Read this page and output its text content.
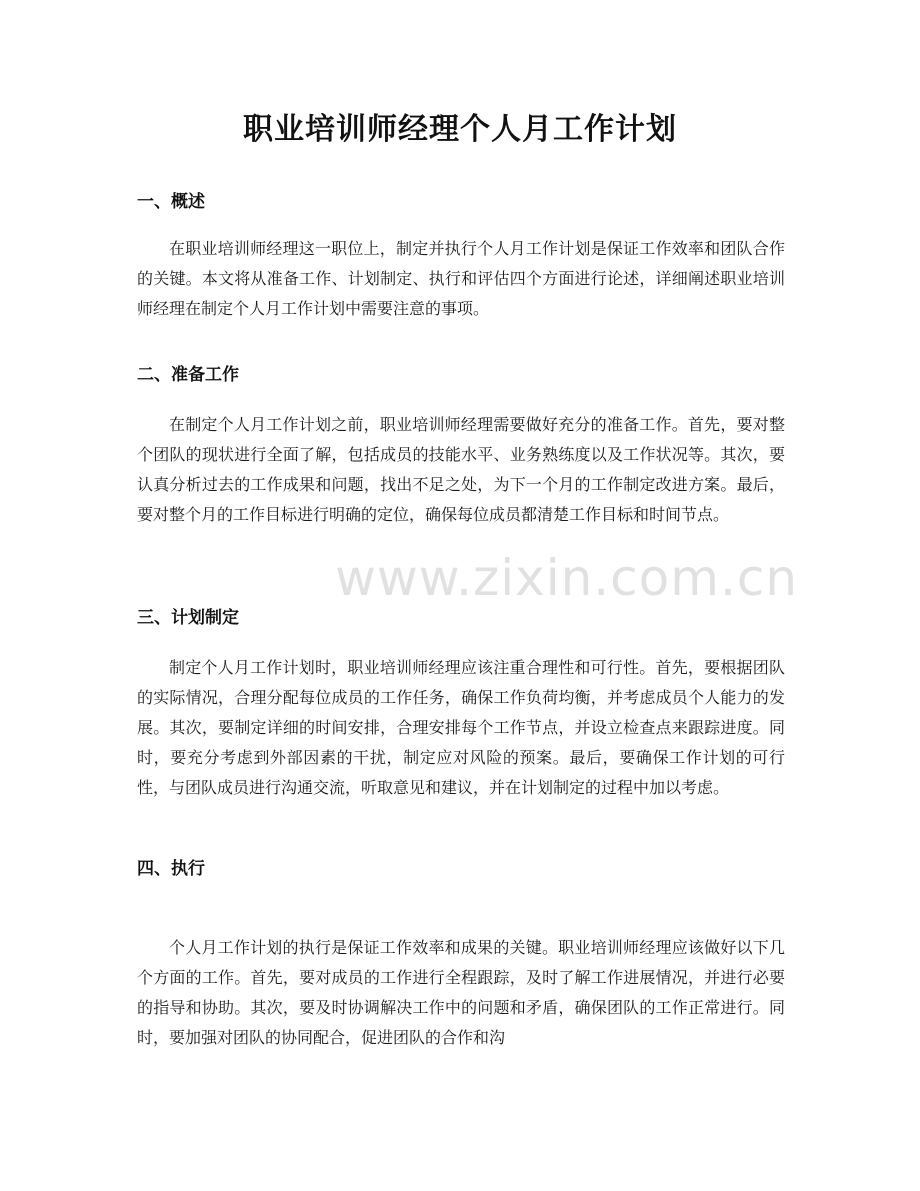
职业培训师经理个人月工作计划
一、概述
在职业培训师经理这一职位上，制定并执行个人月工作计划是保证工作效率和团队合作的关键。本文将从准备工作、计划制定、执行和评估四个方面进行论述，详细阐述职业培训师经理在制定个人月工作计划中需要注意的事项。
二、准备工作
在制定个人月工作计划之前，职业培训师经理需要做好充分的准备工作。首先，要对整个团队的现状进行全面了解，包括成员的技能水平、业务熟练度以及工作状况等。其次，要认真分析过去的工作成果和问题，找出不足之处，为下一个月的工作制定改进方案。最后，要对整个月的工作目标进行明确的定位，确保每位成员都清楚工作目标和时间节点。
三、计划制定
制定个人月工作计划时，职业培训师经理应该注重合理性和可行性。首先，要根据团队的实际情况，合理分配每位成员的工作任务，确保工作负荷均衡，并考虑成员个人能力的发展。其次，要制定详细的时间安排，合理安排每个工作节点，并设立检查点来跟踪进度。同时，要充分考虑到外部因素的干扰，制定应对风险的预案。最后，要确保工作计划的可行性，与团队成员进行沟通交流，听取意见和建议，并在计划制定的过程中加以考虑。
四、执行
个人月工作计划的执行是保证工作效率和成果的关键。职业培训师经理应该做好以下几个方面的工作。首先，要对成员的工作进行全程跟踪，及时了解工作进展情况，并进行必要的指导和协助。其次，要及时协调解决工作中的问题和矛盾，确保团队的工作正常进行。同时，要加强对团队的协同配合，促进团队的合作和沟
www.zixin.com.cn
